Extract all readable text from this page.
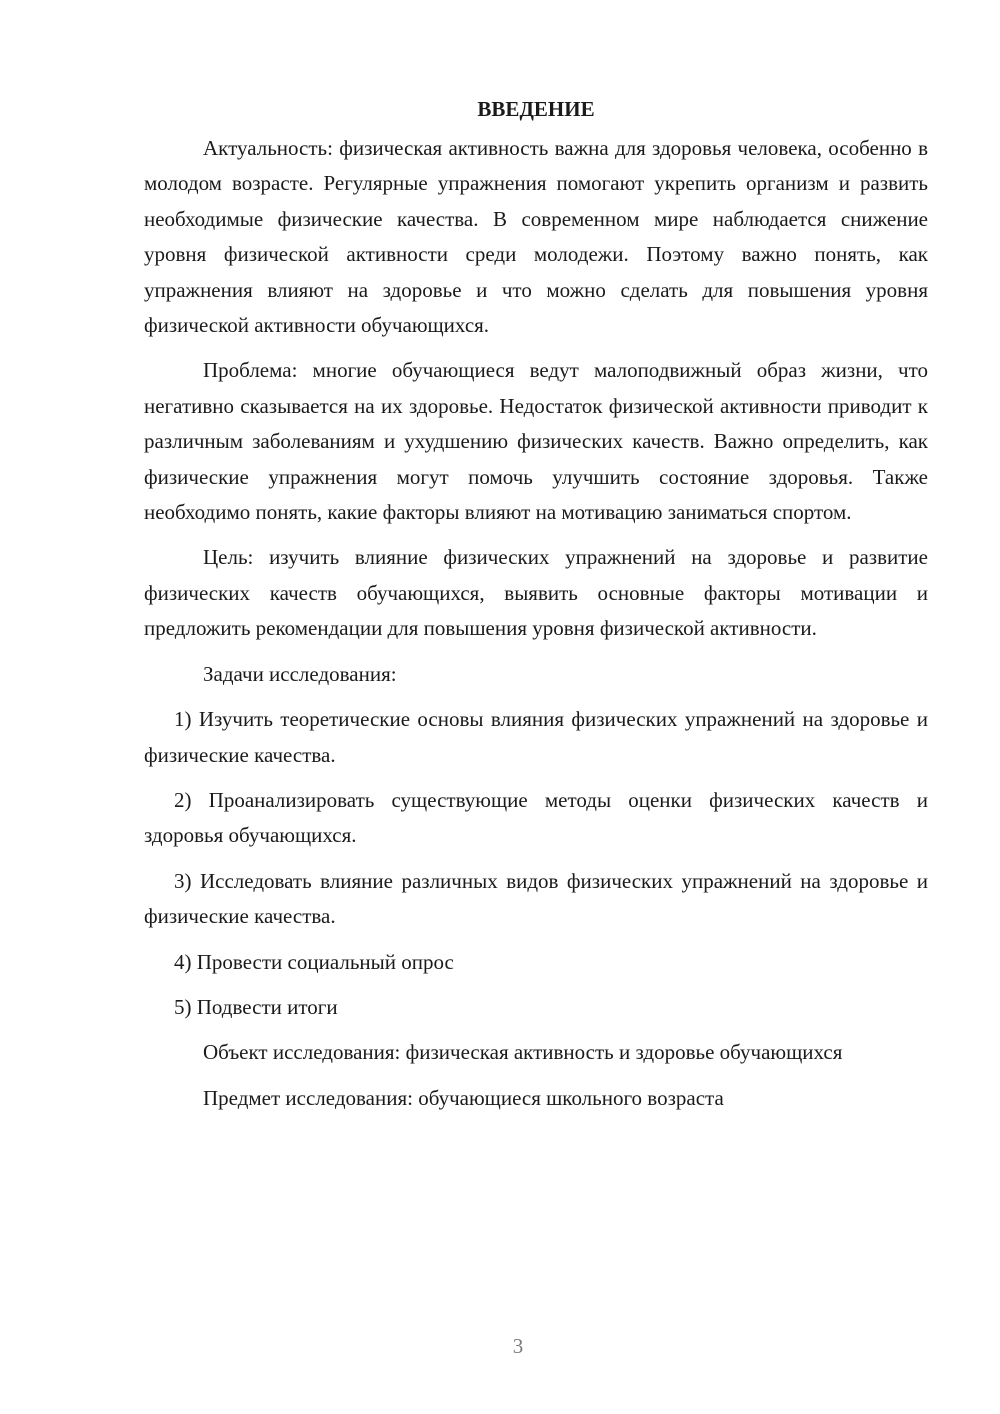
ВВЕДЕНИЕ

Актуальность: физическая активность важна для здоровья человека, особенно в молодом возрасте. Регулярные упражнения помогают укрепить организм и развить необходимые физические качества. В современном мире наблюдается снижение уровня физической активности среди молодежи. Поэтому важно понять, как упражнения влияют на здоровье и что можно сделать для повышения уровня физической активности обучающихся.

Проблема: многие обучающиеся ведут малоподвижный образ жизни, что негативно сказывается на их здоровье. Недостаток физической активности приводит к различным заболеваниям и ухудшению физических качеств. Важно определить, как физические упражнения могут помочь улучшить состояние здоровья. Также необходимо понять, какие факторы влияют на мотивацию заниматься спортом.

Цель: изучить влияние физических упражнений на здоровье и развитие физических качеств обучающихся, выявить основные факторы мотивации и предложить рекомендации для повышения уровня физической активности.

Задачи исследования:

1) Изучить теоретические основы влияния физических упражнений на здоровье и физические качества.

2) Проанализировать существующие методы оценки физических качеств и здоровья обучающихся.

3) Исследовать влияние различных видов физических упражнений на здоровье и физические качества.

4) Провести социальный опрос

5) Подвести итоги

Объект исследования: физическая активность и здоровье обучающихся

Предмет исследования: обучающиеся школьного возраста

3
